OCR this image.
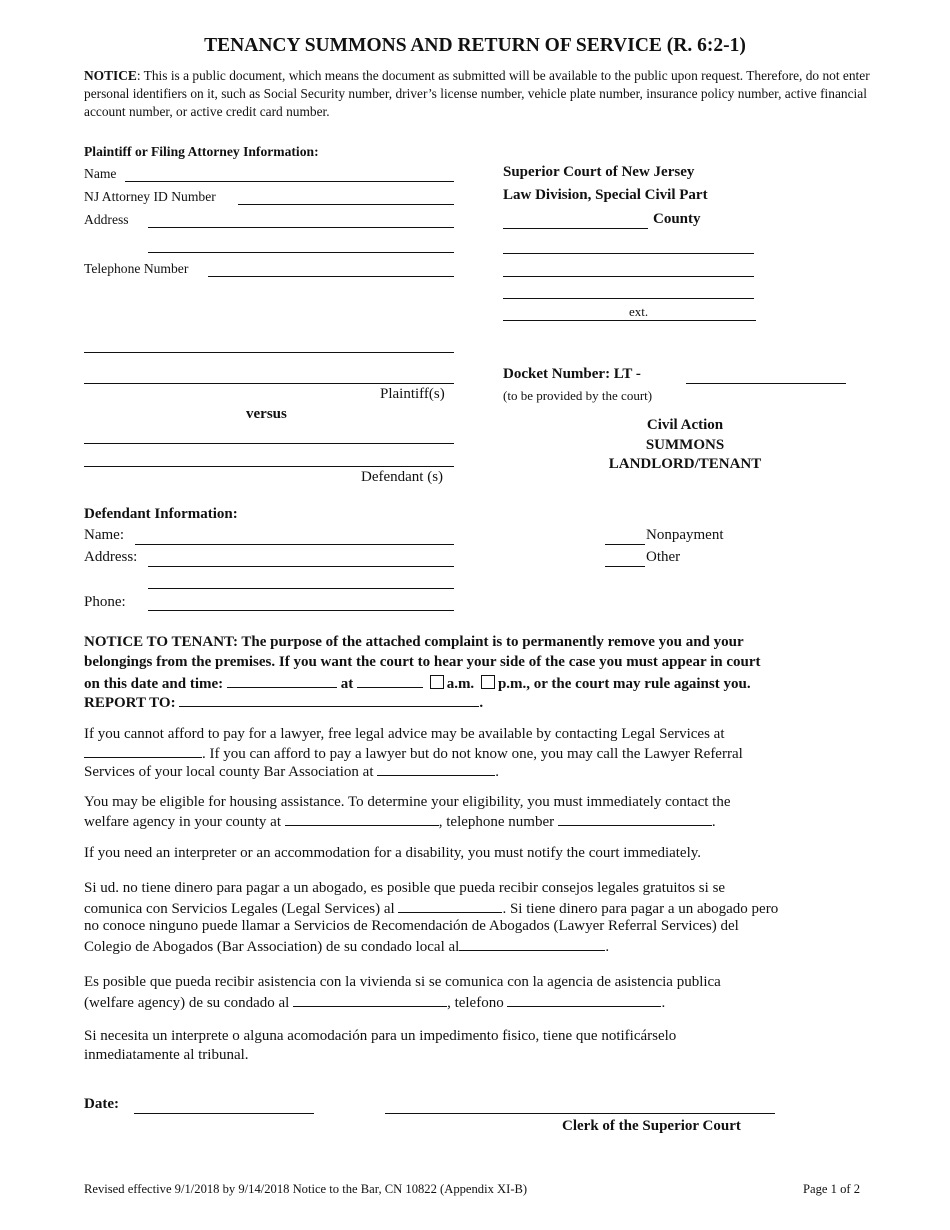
TENANCY SUMMONS AND RETURN OF SERVICE (R. 6:2-1)
NOTICE: This is a public document, which means the document as submitted will be available to the public upon request. Therefore, do not enter personal identifiers on it, such as Social Security number, driver’s license number, vehicle plate number, insurance policy number, active financial account number, or active credit card number.
Plaintiff or Filing Attorney Information:
Name
NJ Attorney ID Number
Address
Telephone Number
Superior Court of New Jersey
Law Division, Special Civil Part
County
ext.
Plaintiff(s)
versus
Defendant (s)
Docket Number: LT -
(to be provided by the court)
Civil Action
SUMMONS
LANDLORD/TENANT
Defendant Information:
Name:
Address:
Phone:
Nonpayment
Other
NOTICE TO TENANT: The purpose of the attached complaint is to permanently remove you and your
belongings from the premises. If you want the court to hear your side of the case you must appear in court
on this date and time:	at	a.m. p.m., or the court may rule against you.
REPORT TO:	.
If you cannot afford to pay for a lawyer, free legal advice may be available by contacting Legal Services at
. If you can afford to pay a lawyer but do not know one, you may call the Lawyer Referral
Services of your local county Bar Association at	.
You may be eligible for housing assistance. To determine your eligibility, you must immediately contact the
welfare agency in your county at	, telephone number	.
If you need an interpreter or an accommodation for a disability, you must notify the court immediately.
Si ud. no tiene dinero para pagar a un abogado, es posible que pueda recibir consejos legales gratuitos si se
comunica con Servicios Legales (Legal Services) al	. Si tiene dinero para pagar a un abogado pero
no conoce ninguno puede llamar a Servicios de Recomendación de Abogados (Lawyer Referral Services) del
Colegio de Abogados (Bar Association) de su condado local al	.
Es posible que pueda recibir asistencia con la vivienda si se comunica con la agencia de asistencia publica
(welfare agency) de su condado al	, telefono	.
Si necesita un interprete o alguna acomodación para un impedimento fisico, tiene que notificárselo
inmediatamente al tribunal.
Date:
Clerk of the Superior Court
Revised effective 9/1/2018 by 9/14/2018 Notice to the Bar, CN 10822 (Appendix XI-B)	Page 1 of 2
